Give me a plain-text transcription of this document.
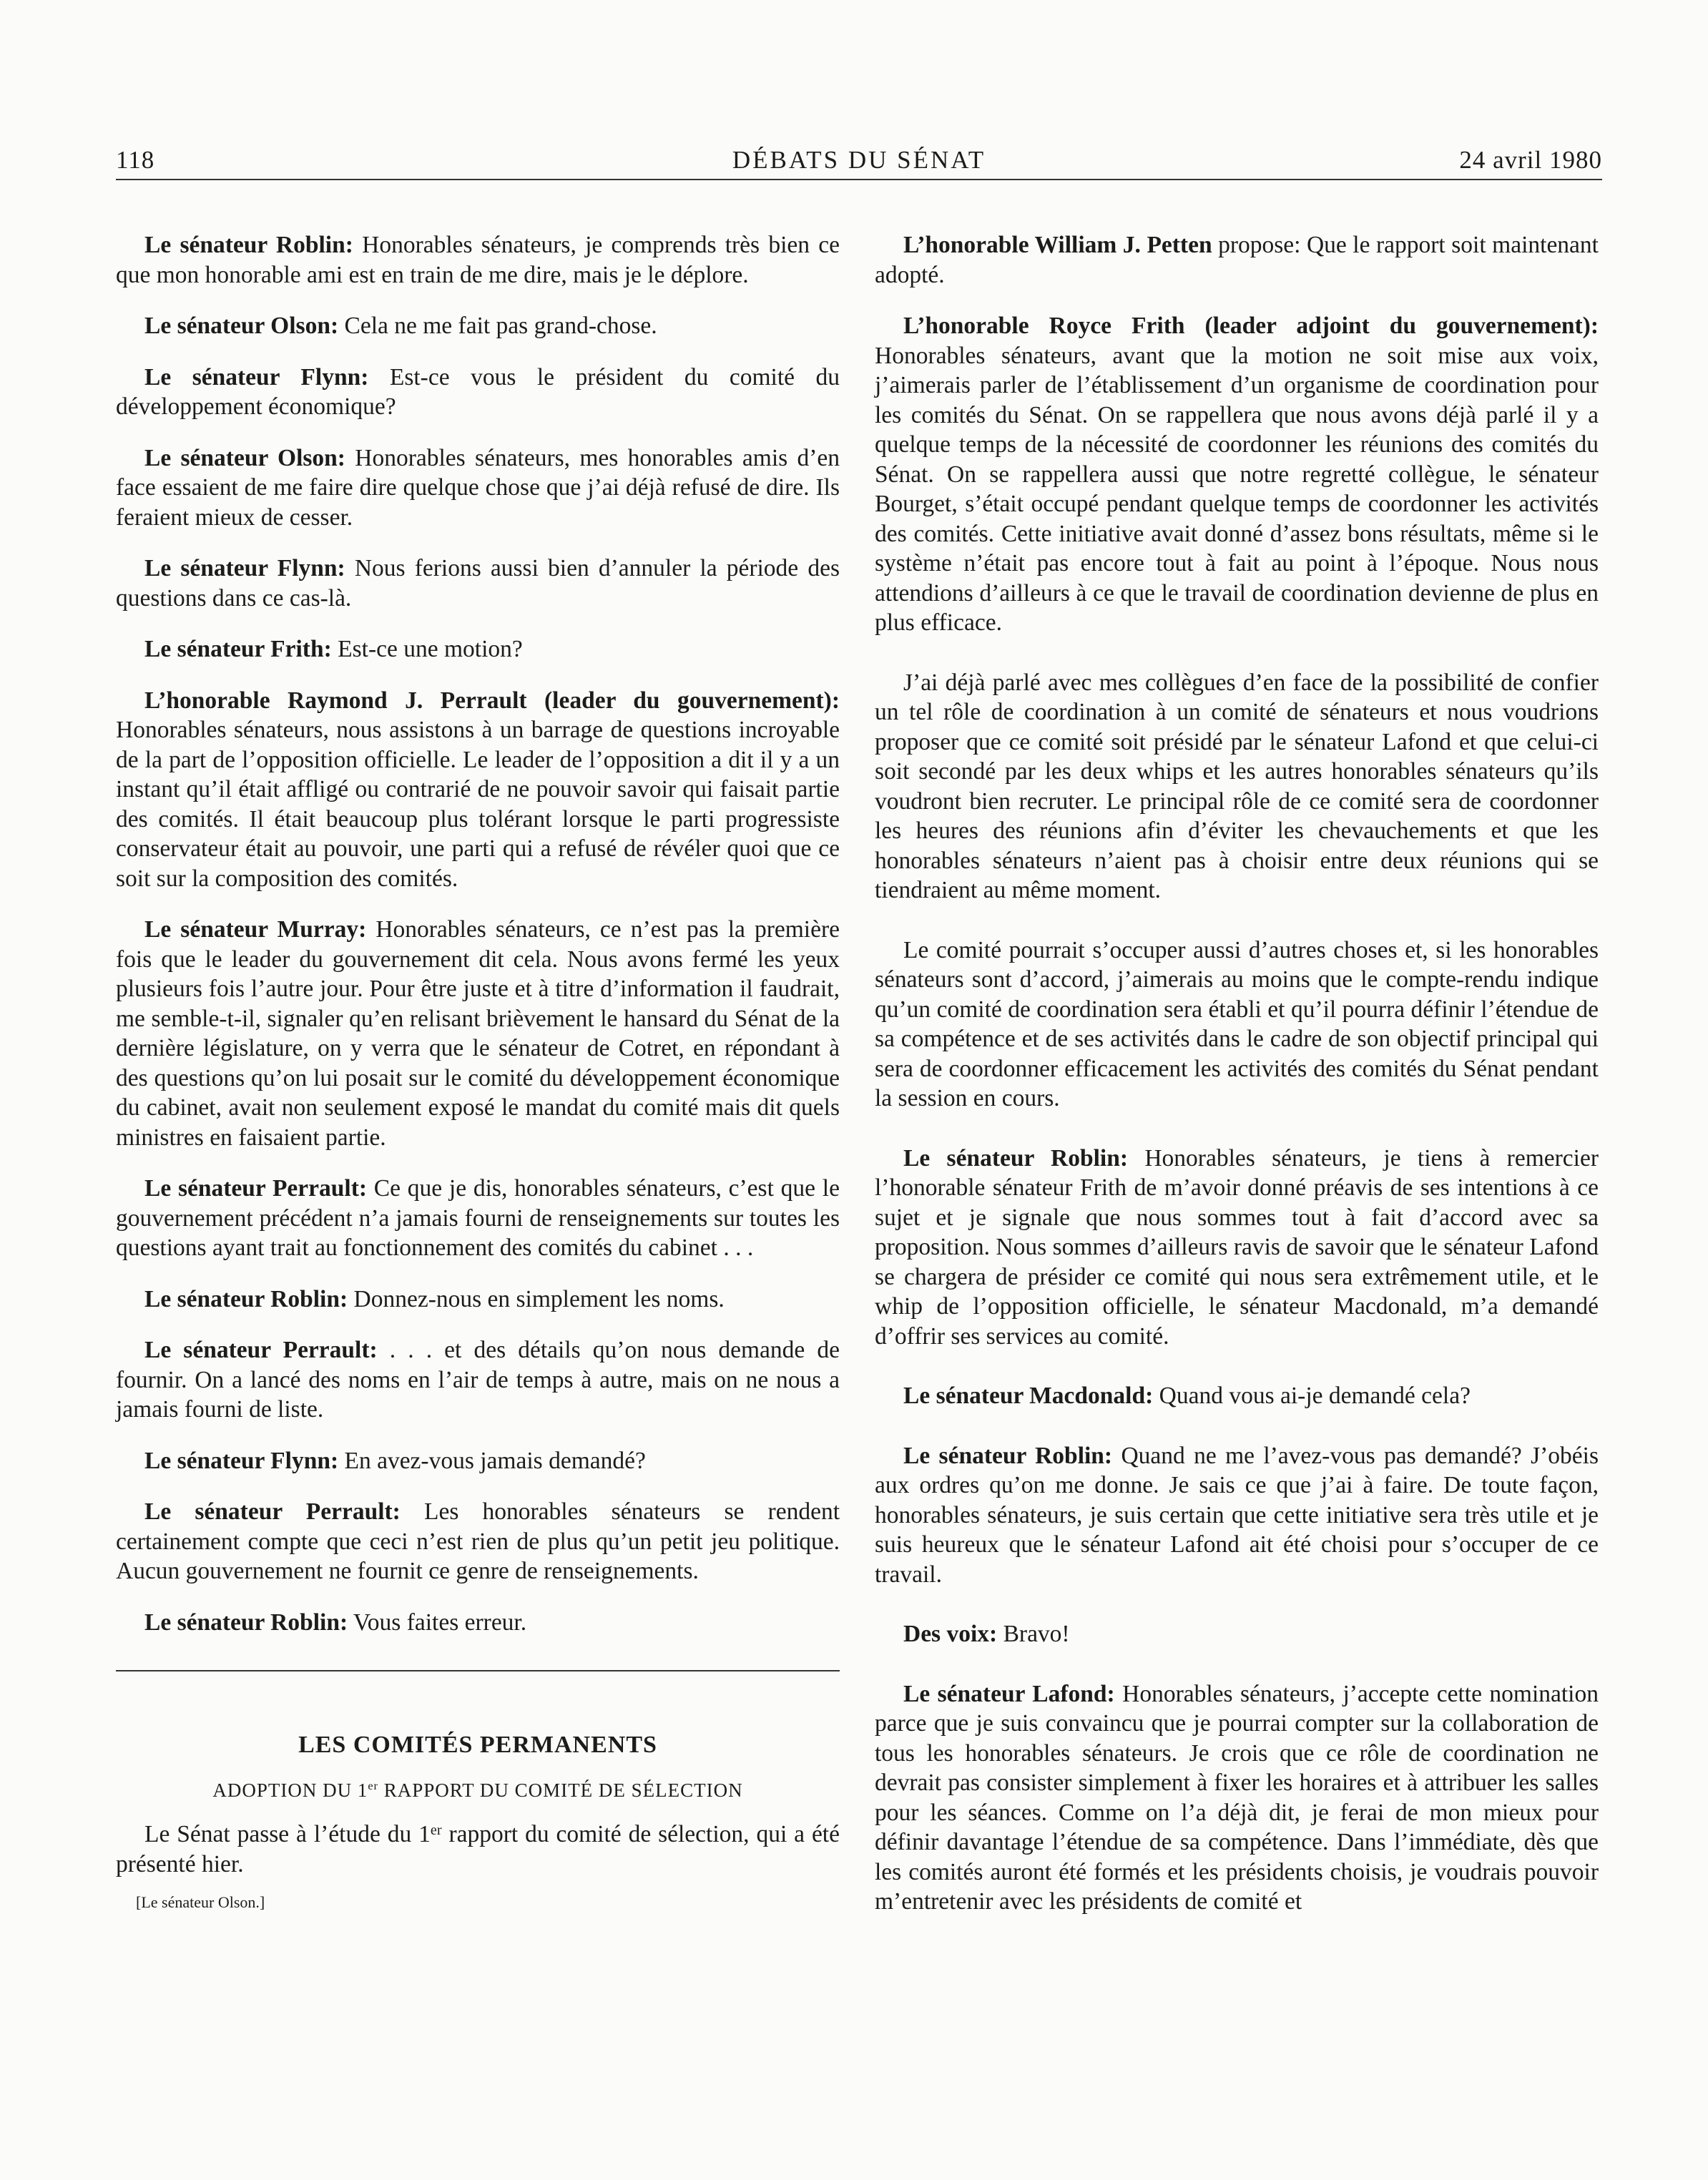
118	DÉBATS DU SÉNAT	24 avril 1980

Le sénateur Roblin: Honorables sénateurs, je comprends très bien ce que mon honorable ami est en train de me dire, mais je le déplore.

Le sénateur Olson: Cela ne me fait pas grand-chose.

Le sénateur Flynn: Est-ce vous le président du comité du développement économique?

Le sénateur Olson: Honorables sénateurs, mes honorables amis d’en face essaient de me faire dire quelque chose que j’ai déjà refusé de dire. Ils feraient mieux de cesser.

Le sénateur Flynn: Nous ferions aussi bien d’annuler la période des questions dans ce cas-là.

Le sénateur Frith: Est-ce une motion?

L’honorable Raymond J. Perrault (leader du gouvernement): Honorables sénateurs, nous assistons à un barrage de questions incroyable de la part de l’opposition officielle. Le leader de l’opposition a dit il y a un instant qu’il était affligé ou contrarié de ne pouvoir savoir qui faisait partie des comités. Il était beaucoup plus tolérant lorsque le parti progressiste conservateur était au pouvoir, une parti qui a refusé de révéler quoi que ce soit sur la composition des comités.

Le sénateur Murray: Honorables sénateurs, ce n’est pas la première fois que le leader du gouvernement dit cela. Nous avons fermé les yeux plusieurs fois l’autre jour. Pour être juste et à titre d’information il faudrait, me semble-t-il, signaler qu’en relisant brièvement le hansard du Sénat de la dernière législature, on y verra que le sénateur de Cotret, en répondant à des questions qu’on lui posait sur le comité du développement économique du cabinet, avait non seulement exposé le mandat du comité mais dit quels ministres en faisaient partie.

Le sénateur Perrault: Ce que je dis, honorables sénateurs, c’est que le gouvernement précédent n’a jamais fourni de renseignements sur toutes les questions ayant trait au fonctionnement des comités du cabinet . . .

Le sénateur Roblin: Donnez-nous en simplement les noms.

Le sénateur Perrault: . . . et des détails qu’on nous demande de fournir. On a lancé des noms en l’air de temps à autre, mais on ne nous a jamais fourni de liste.

Le sénateur Flynn: En avez-vous jamais demandé?

Le sénateur Perrault: Les honorables sénateurs se rendent certainement compte que ceci n’est rien de plus qu’un petit jeu politique. Aucun gouvernement ne fournit ce genre de renseignements.

Le sénateur Roblin: Vous faites erreur.

LES COMITÉS PERMANENTS
ADOPTION DU 1er RAPPORT DU COMITÉ DE SÉLECTION

Le Sénat passe à l’étude du 1er rapport du comité de sélection, qui a été présenté hier.

[Le sénateur Olson.]

L’honorable William J. Petten propose: Que le rapport soit maintenant adopté.

L’honorable Royce Frith (leader adjoint du gouvernement): Honorables sénateurs, avant que la motion ne soit mise aux voix, j’aimerais parler de l’établissement d’un organisme de coordination pour les comités du Sénat. On se rappellera que nous avons déjà parlé il y a quelque temps de la nécessité de coordonner les réunions des comités du Sénat. On se rappellera aussi que notre regretté collègue, le sénateur Bourget, s’était occupé pendant quelque temps de coordonner les activités des comités. Cette initiative avait donné d’assez bons résultats, même si le système n’était pas encore tout à fait au point à l’époque. Nous nous attendions d’ailleurs à ce que le travail de coordination devienne de plus en plus efficace.

J’ai déjà parlé avec mes collègues d’en face de la possibilité de confier un tel rôle de coordination à un comité de sénateurs et nous voudrions proposer que ce comité soit présidé par le sénateur Lafond et que celui-ci soit secondé par les deux whips et les autres honorables sénateurs qu’ils voudront bien recruter. Le principal rôle de ce comité sera de coordonner les heures des réunions afin d’éviter les chevauchements et que les honorables sénateurs n’aient pas à choisir entre deux réunions qui se tiendraient au même moment.

Le comité pourrait s’occuper aussi d’autres choses et, si les honorables sénateurs sont d’accord, j’aimerais au moins que le compte-rendu indique qu’un comité de coordination sera établi et qu’il pourra définir l’étendue de sa compétence et de ses activités dans le cadre de son objectif principal qui sera de coordonner efficacement les activités des comités du Sénat pendant la session en cours.

Le sénateur Roblin: Honorables sénateurs, je tiens à remercier l’honorable sénateur Frith de m’avoir donné préavis de ses intentions à ce sujet et je signale que nous sommes tout à fait d’accord avec sa proposition. Nous sommes d’ailleurs ravis de savoir que le sénateur Lafond se chargera de présider ce comité qui nous sera extrêmement utile, et le whip de l’opposition officielle, le sénateur Macdonald, m’a demandé d’offrir ses services au comité.

Le sénateur Macdonald: Quand vous ai-je demandé cela?

Le sénateur Roblin: Quand ne me l’avez-vous pas demandé? J’obéis aux ordres qu’on me donne. Je sais ce que j’ai à faire. De toute façon, honorables sénateurs, je suis certain que cette initiative sera très utile et je suis heureux que le sénateur Lafond ait été choisi pour s’occuper de ce travail.

Des voix: Bravo!

Le sénateur Lafond: Honorables sénateurs, j’accepte cette nomination parce que je suis convaincu que je pourrai compter sur la collaboration de tous les honorables sénateurs. Je crois que ce rôle de coordination ne devrait pas consister simplement à fixer les horaires et à attribuer les salles pour les séances. Comme on l’a déjà dit, je ferai de mon mieux pour définir davantage l’étendue de sa compétence. Dans l’immédiate, dès que les comités auront été formés et les présidents choisis, je voudrais pouvoir m’entretenir avec les présidents de comité et
